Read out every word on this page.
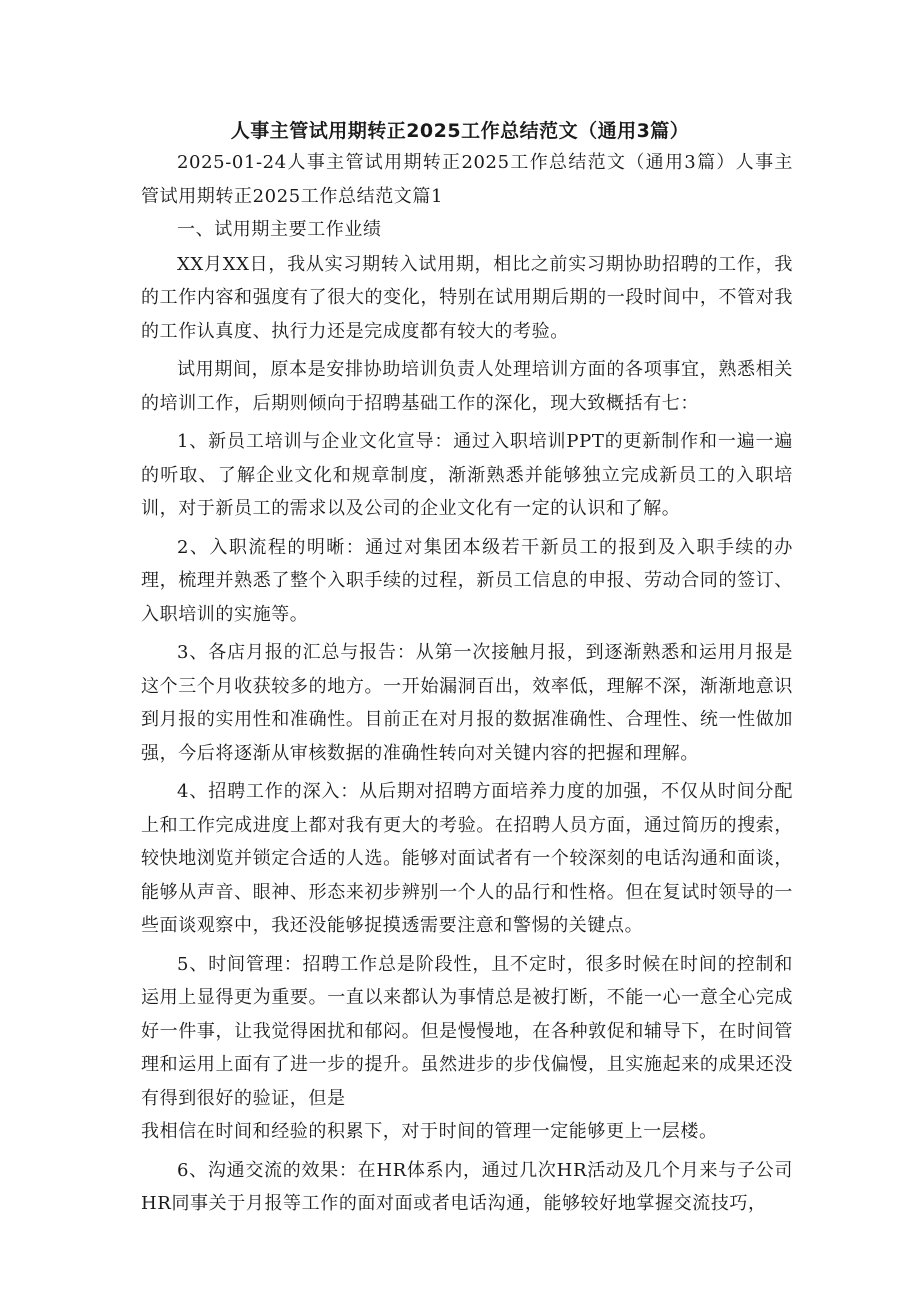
人事主管试用期转正2025工作总结范文（通用3篇）

2025-01-24人事主管试用期转正2025工作总结范文（通用3篇）人事主管试用期转正2025工作总结范文篇1

一、试用期主要工作业绩

XX月XX日，我从实习期转入试用期，相比之前实习期协助招聘的工作，我的工作内容和强度有了很大的变化，特别在试用期后期的一段时间中，不管对我的工作认真度、执行力还是完成度都有较大的考验。

试用期间，原本是安排协助培训负责人处理培训方面的各项事宜，熟悉相关的培训工作，后期则倾向于招聘基础工作的深化，现大致概括有七：

1、新员工培训与企业文化宣导：通过入职培训PPT的更新制作和一遍一遍的听取、了解企业文化和规章制度，渐渐熟悉并能够独立完成新员工的入职培训，对于新员工的需求以及公司的企业文化有一定的认识和了解。

2、入职流程的明晰：通过对集团本级若干新员工的报到及入职手续的办理，梳理并熟悉了整个入职手续的过程，新员工信息的申报、劳动合同的签订、入职培训的实施等。

3、各店月报的汇总与报告：从第一次接触月报，到逐渐熟悉和运用月报是这个三个月收获较多的地方。一开始漏洞百出，效率低，理解不深，渐渐地意识到月报的实用性和准确性。目前正在对月报的数据准确性、合理性、统一性做加强，今后将逐渐从审核数据的准确性转向对关键内容的把握和理解。

4、招聘工作的深入：从后期对招聘方面培养力度的加强，不仅从时间分配上和工作完成进度上都对我有更大的考验。在招聘人员方面，通过简历的搜索，较快地浏览并锁定合适的人选。能够对面试者有一个较深刻的电话沟通和面谈，能够从声音、眼神、形态来初步辨别一个人的品行和性格。但在复试时领导的一些面谈观察中，我还没能够捉摸透需要注意和警惕的关键点。

5、时间管理：招聘工作总是阶段性，且不定时，很多时候在时间的控制和运用上显得更为重要。一直以来都认为事情总是被打断，不能一心一意全心完成好一件事，让我觉得困扰和郁闷。但是慢慢地，在各种敦促和辅导下，在时间管理和运用上面有了进一步的提升。虽然进步的步伐偏慢，且实施起来的成果还没有得到很好的验证，但是

我相信在时间和经验的积累下，对于时间的管理一定能够更上一层楼。

6、沟通交流的效果：在HR体系内，通过几次HR活动及几个月来与子公司HR同事关于月报等工作的面对面或者电话沟通，能够较好地掌握交流技巧，
